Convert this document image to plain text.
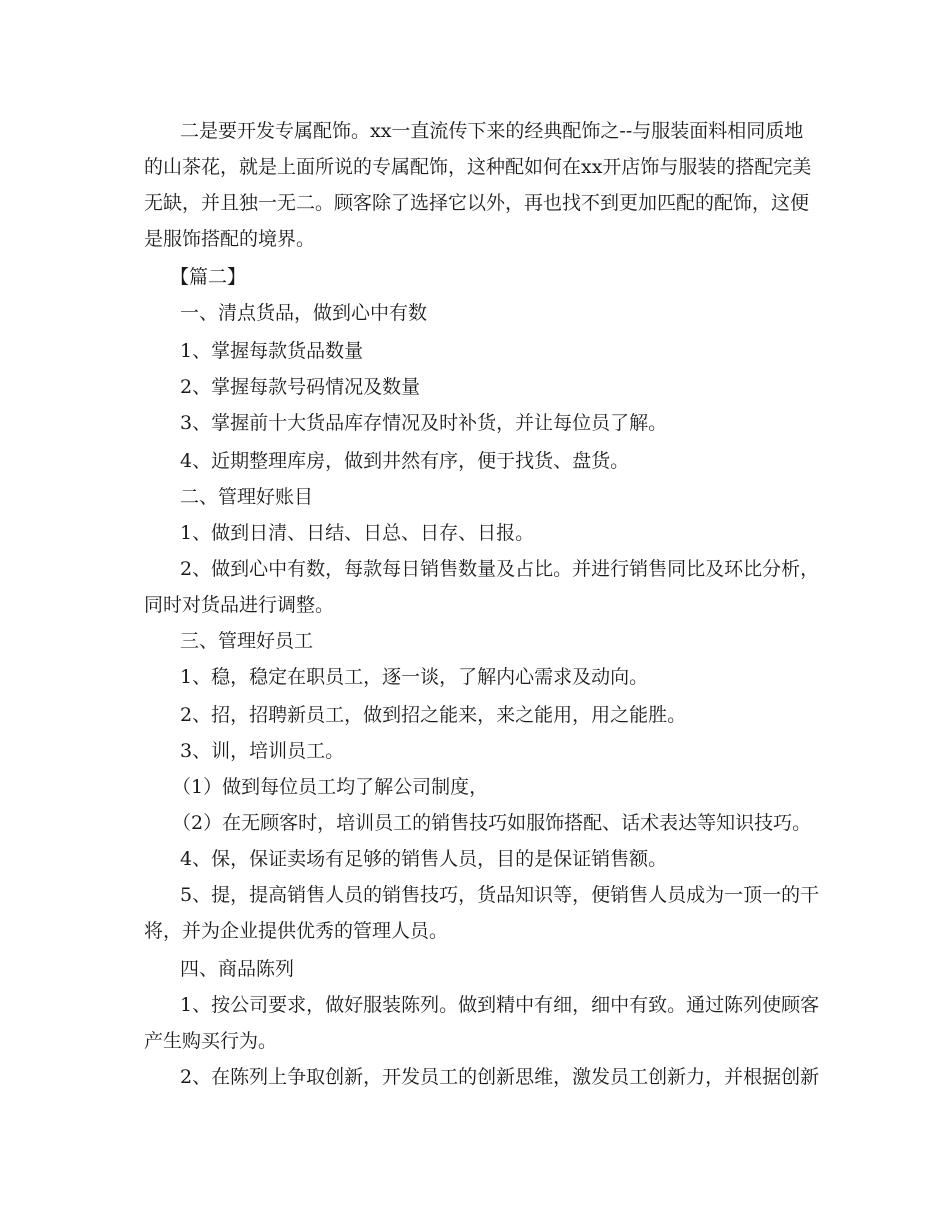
二是要开发专属配饰。xx一直流传下来的经典配饰之--与服装面料相同质地

的山茶花，就是上面所说的专属配饰，这种配如何在xx开店饰与服装的搭配完美

无缺，并且独一无二。顾客除了选择它以外，再也找不到更加匹配的配饰，这便

是服饰搭配的境界。

【篇二】

一、清点货品，做到心中有数

1、掌握每款货品数量

2、掌握每款号码情况及数量

3、掌握前十大货品库存情况及时补货，并让每位员了解。

4、近期整理库房，做到井然有序，便于找货、盘货。

二、管理好账目

1、做到日清、日结、日总、日存、日报。

2、做到心中有数，每款每日销售数量及占比。并进行销售同比及环比分析，

同时对货品进行调整。

三、管理好员工

1、稳，稳定在职员工，逐一谈，了解内心需求及动向。

2、招，招聘新员工，做到招之能来，来之能用，用之能胜。

3、训，培训员工。

（1）做到每位员工均了解公司制度，

（2）在无顾客时，培训员工的销售技巧如服饰搭配、话术表达等知识技巧。

4、保，保证卖场有足够的销售人员，目的是保证销售额。

5、提，提高销售人员的销售技巧，货品知识等，便销售人员成为一顶一的干

将，并为企业提供优秀的管理人员。

四、商品陈列

1、按公司要求，做好服装陈列。做到精中有细，细中有致。通过陈列使顾客

产生购买行为。

2、在陈列上争取创新，开发员工的创新思维，激发员工创新力，并根据创新
